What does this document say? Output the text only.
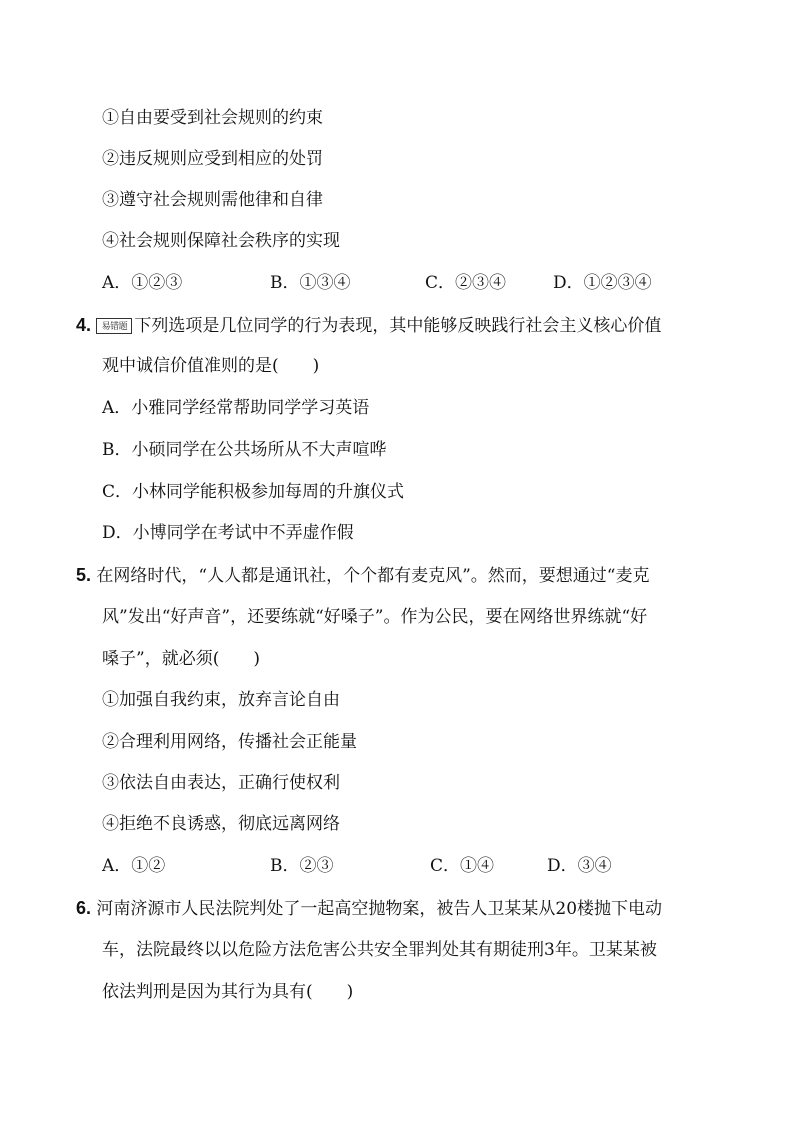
①自由要受到社会规则的约束
②违反规则应受到相应的处罚
③遵守社会规则需他律和自律
④社会规则保障社会秩序的实现
A．①②③	B．①③④	C．②③④	D．①②③④
4. 易错题 下列选项是几位同学的行为表现，其中能够反映践行社会主义核心价值
观中诚信价值准则的是(　　)
A．小雅同学经常帮助同学学习英语
B．小硕同学在公共场所从不大声喧哗
C．小林同学能积极参加每周的升旗仪式
D．小博同学在考试中不弄虚作假
5. 在网络时代，“人人都是通讯社，个个都有麦克风”。然而，要想通过“麦克
风”发出“好声音”，还要练就“好嗓子”。作为公民，要在网络世界练就“好
嗓子”，就必须(　　)
①加强自我约束，放弃言论自由
②合理利用网络，传播社会正能量
③依法自由表达，正确行使权利
④拒绝不良诱惑，彻底远离网络
A．①②	B．②③	C．①④	D．③④
6. 河南济源市人民法院判处了一起高空抛物案，被告人卫某某从20楼抛下电动
车，法院最终以以危险方法危害公共安全罪判处其有期徒刑3年。卫某某被
依法判刑是因为其行为具有(　　)
